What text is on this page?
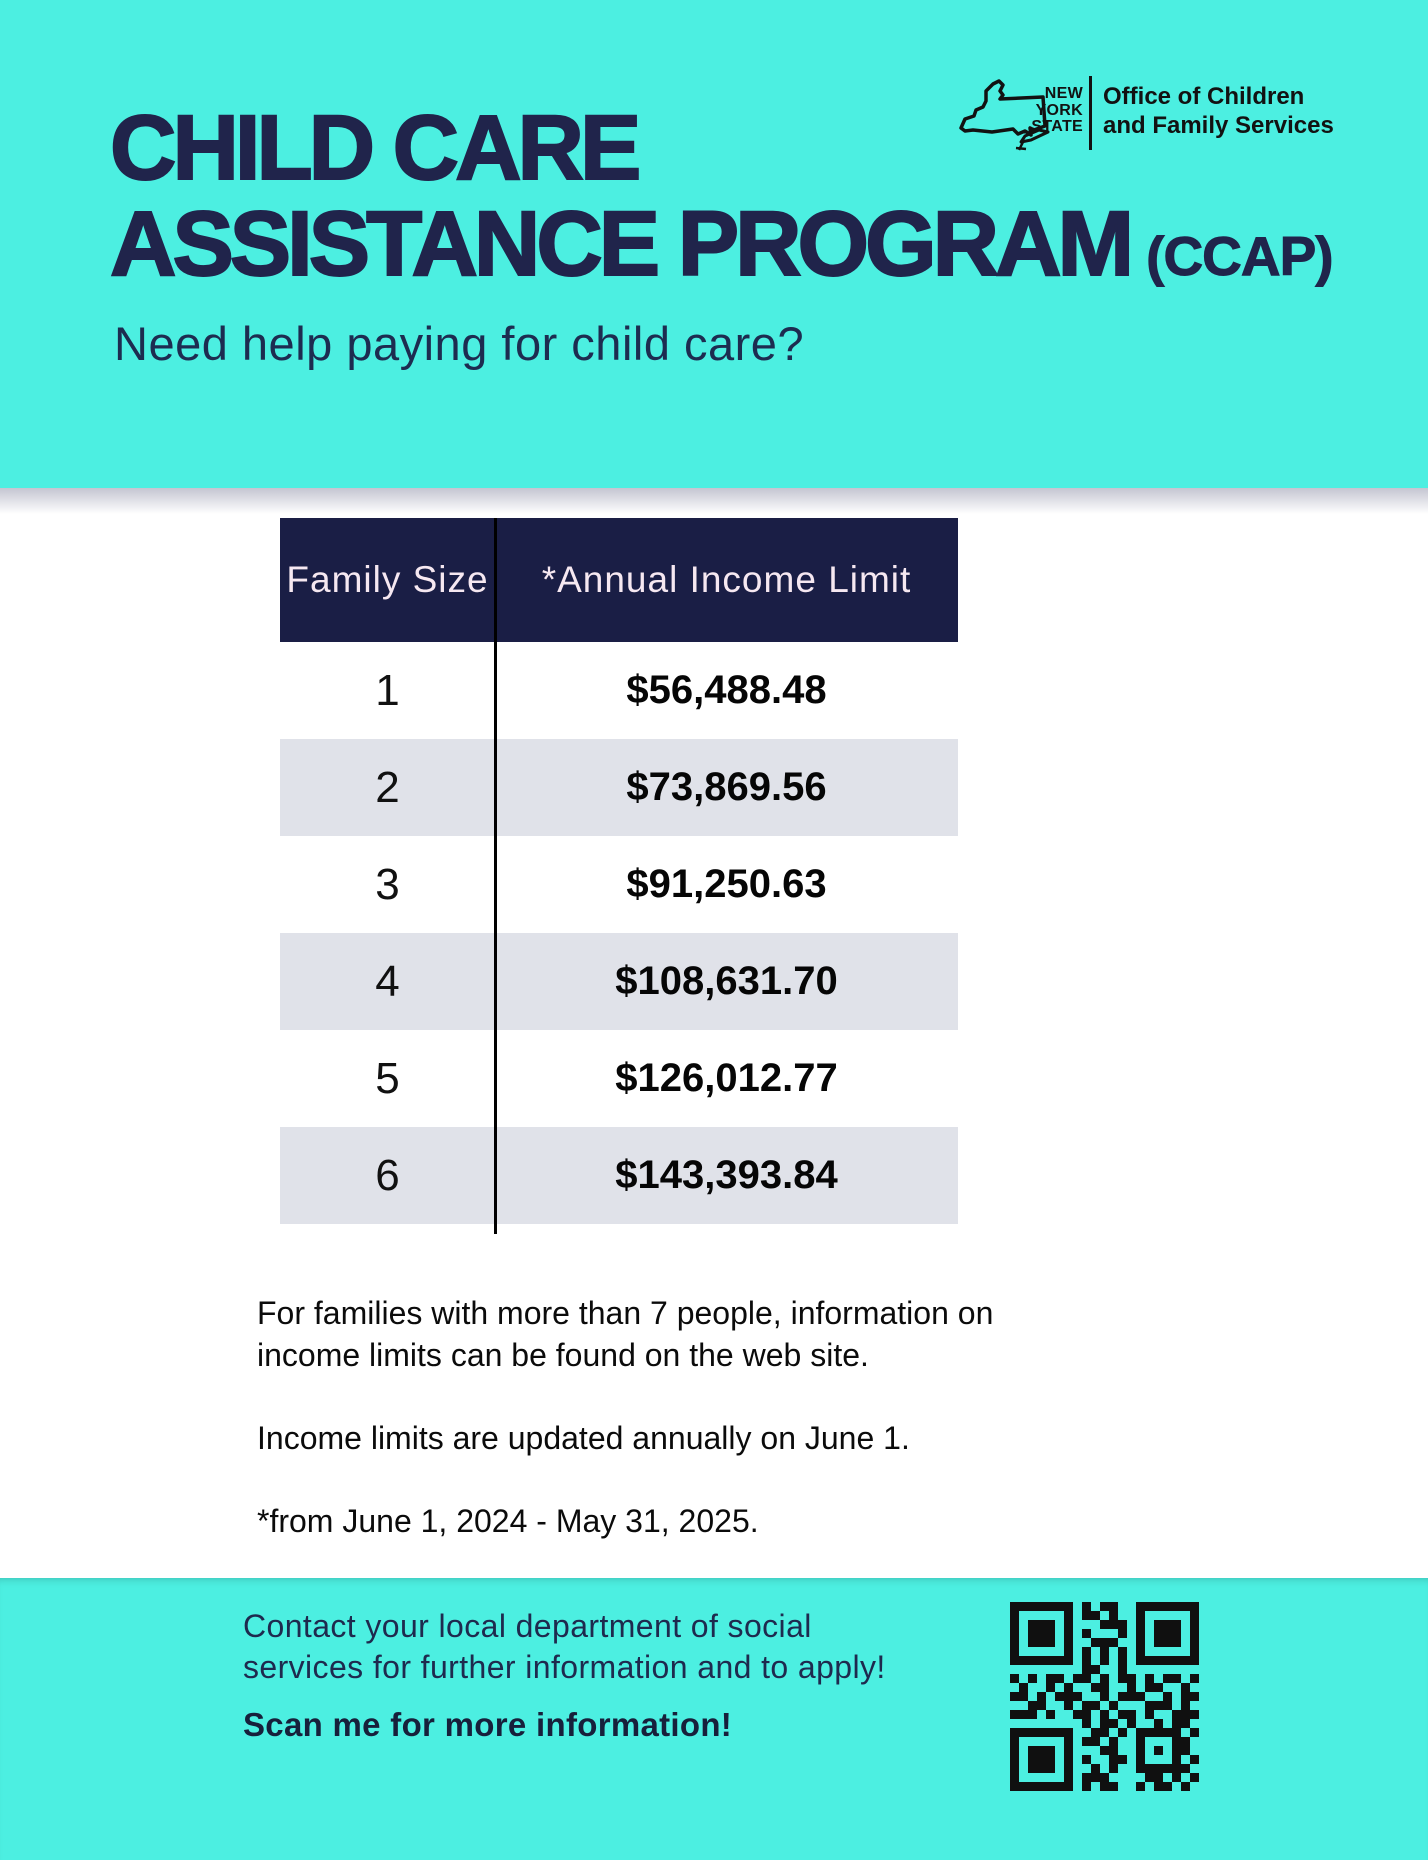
NEW
YORK
STATE
Office of Children
and Family Services
CHILD CARE
ASSISTANCE PROGRAM (CCAP)
Need help paying for child care?
Family Size	*Annual Income Limit
1	$56,488.48
2	$73,869.56
3	$91,250.63
4	$108,631.70
5	$126,012.77
6	$143,393.84
For families with more than 7 people, information on
income limits can be found on the web site.
Income limits are updated annually on June 1.
*from June 1, 2024 - May 31, 2025.
Contact your local department of social
services for further information and to apply!
Scan me for more information!
